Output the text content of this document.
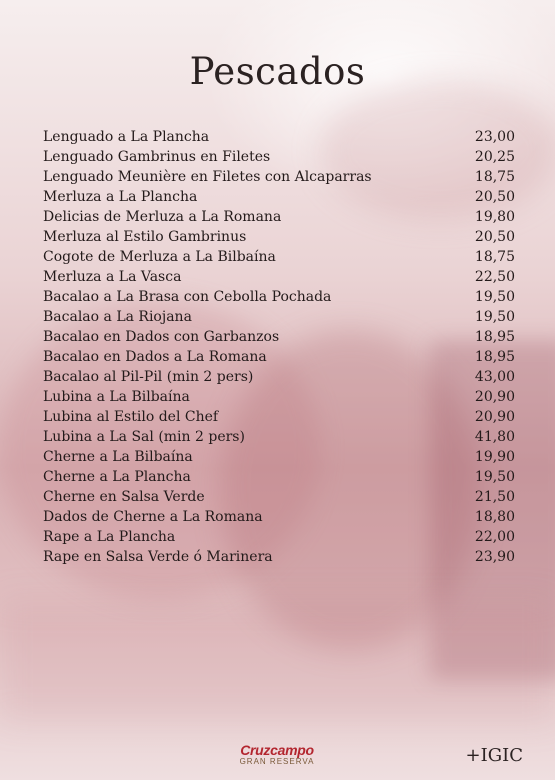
Pescados
Lenguado a La Plancha	23,00
Lenguado Gambrinus en Filetes	20,25
Lenguado Meunière en Filetes con Alcaparras	18,75
Merluza a La Plancha	20,50
Delicias de Merluza a La Romana	19,80
Merluza al Estilo Gambrinus	20,50
Cogote de Merluza a La Bilbaína	18,75
Merluza a La Vasca	22,50
Bacalao a La Brasa con Cebolla Pochada	19,50
Bacalao a La Riojana	19,50
Bacalao en Dados con Garbanzos	18,95
Bacalao en Dados a La Romana	18,95
Bacalao al Pil-Pil (min 2 pers)	43,00
Lubina a La Bilbaína	20,90
Lubina al Estilo del Chef	20,90
Lubina a La Sal (min 2 pers)	41,80
Cherne a La Bilbaína	19,90
Cherne a La Plancha	19,50
Cherne en Salsa Verde	21,50
Dados de Cherne a La Romana	18,80
Rape a La Plancha	22,00
Rape en Salsa Verde ó Marinera	23,90
Cruzcampo
GRAN RESERVA	+IGIC
